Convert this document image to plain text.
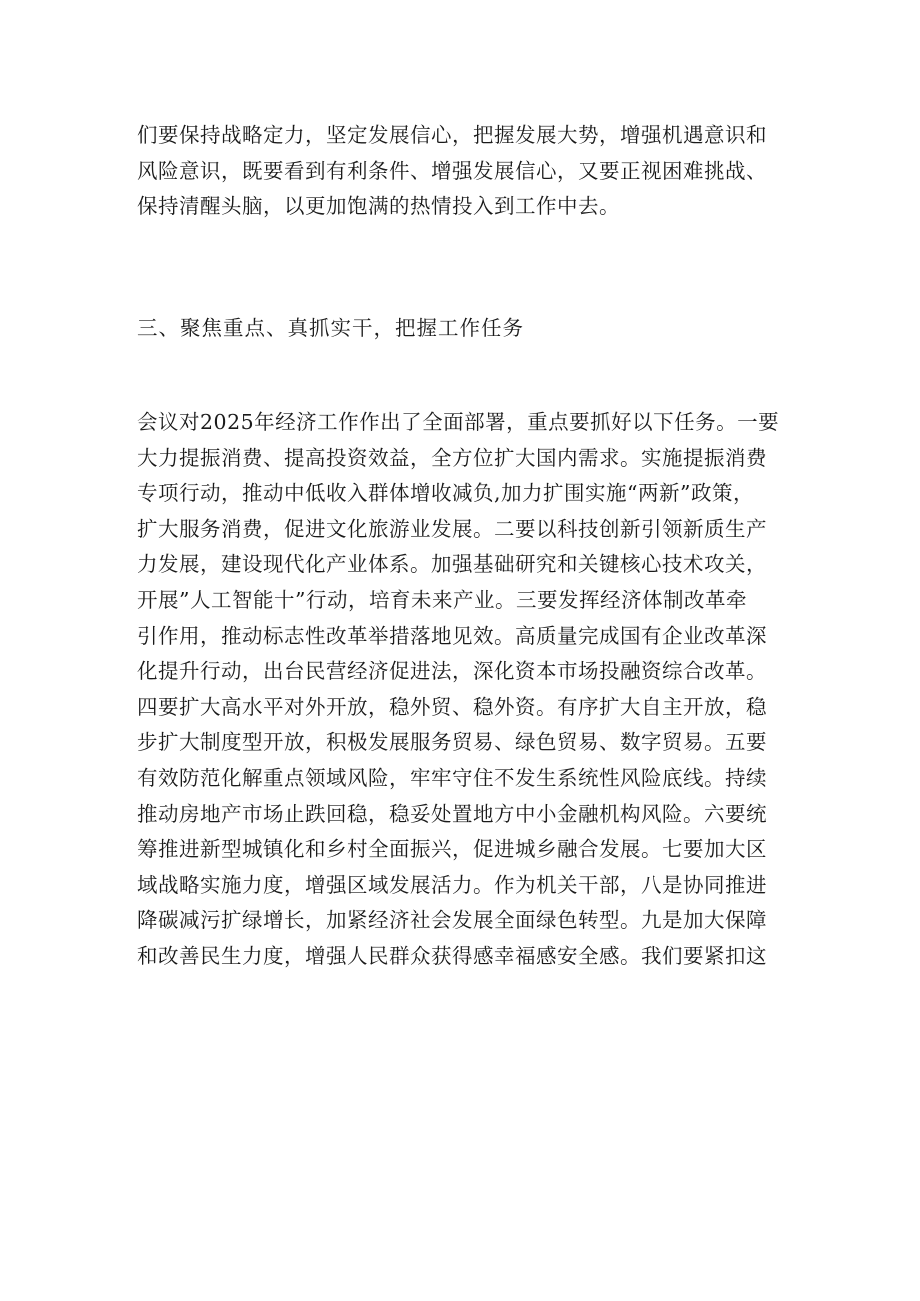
们要保持战略定力，坚定发展信心，把握发展大势，增强机遇意识和
风险意识，既要看到有利条件、增强发展信心，又要正视困难挑战、
保持清醒头脑，以更加饱满的热情投入到工作中去。
三、聚焦重点、真抓实干，把握工作任务
会议对2025年经济工作作出了全面部署，重点要抓好以下任务。一要
大力提振消费、提高投资效益，全方位扩大国内需求。实施提振消费
专项行动，推动中低收入群体增收减负,加力扩围实施“两新”政策，
扩大服务消费，促进文化旅游业发展。二要以科技创新引领新质生产
力发展，建设现代化产业体系。加强基础研究和关键核心技术攻关，
开展”人工智能十”行动，培育未来产业。三要发挥经济体制改革牵
引作用，推动标志性改革举措落地见效。高质量完成国有企业改革深
化提升行动，出台民营经济促进法，深化资本市场投融资综合改革。
四要扩大高水平对外开放，稳外贸、稳外资。有序扩大自主开放，稳
步扩大制度型开放，积极发展服务贸易、绿色贸易、数字贸易。五要
有效防范化解重点领域风险，牢牢守住不发生系统性风险底线。持续
推动房地产市场止跌回稳，稳妥处置地方中小金融机构风险。六要统
筹推进新型城镇化和乡村全面振兴，促进城乡融合发展。七要加大区
域战略实施力度，增强区域发展活力。作为机关干部，八是协同推进
降碳减污扩绿增长，加紧经济社会发展全面绿色转型。九是加大保障
和改善民生力度，增强人民群众获得感幸福感安全感。我们要紧扣这
